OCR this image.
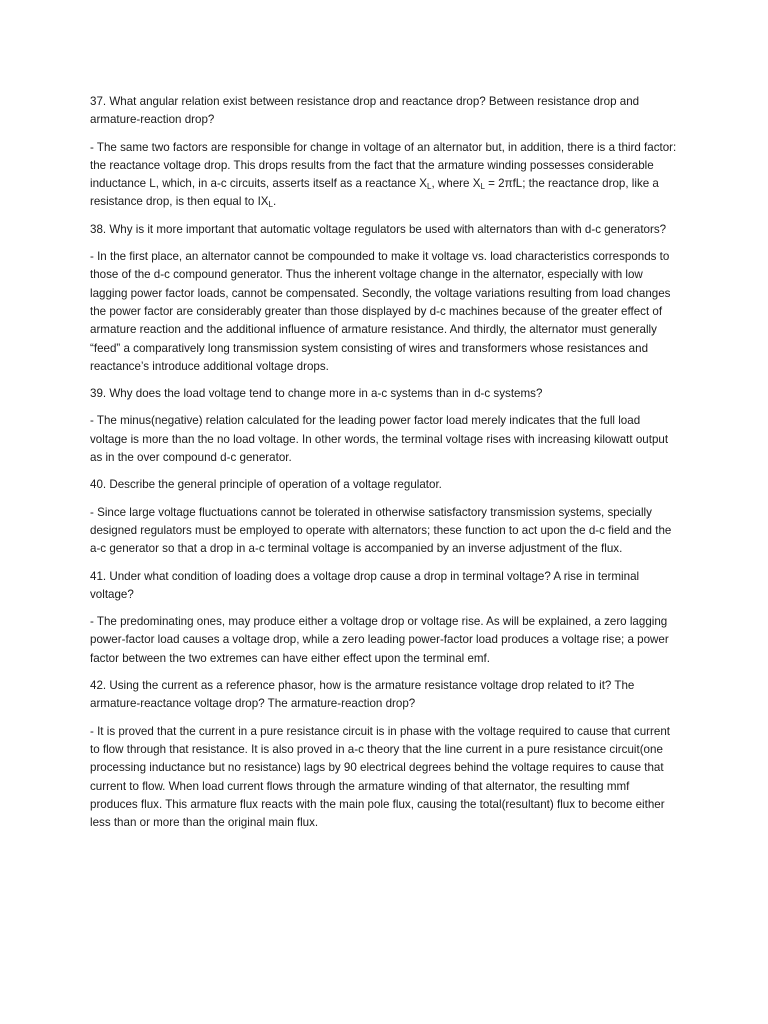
37. What angular relation exist between resistance drop and reactance drop? Between resistance drop and armature-reaction drop?

- The same two factors are responsible for change in voltage of an alternator but, in addition, there is a third factor: the reactance voltage drop. This drops results from the fact that the armature winding possesses considerable inductance L, which, in a-c circuits, asserts itself as a reactance $X_L$, where $X_L = 2\pi fL$; the reactance drop, like a resistance drop, is then equal to $IX_L$.

38. Why is it more important that automatic voltage regulators be used with alternators than with d-c generators?

- In the first place, an alternator cannot be compounded to make it voltage vs. load characteristics corresponds to those of the d-c compound generator. Thus the inherent voltage change in the alternator, especially with low lagging power factor loads, cannot be compensated. Secondly, the voltage variations resulting from load changes the power factor are considerably greater than those displayed by d-c machines because of the greater effect of armature reaction and the additional influence of armature resistance. And thirdly, the alternator must generally “feed” a comparatively long transmission system consisting of wires and transformers whose resistances and reactance’s introduce additional voltage drops.

39. Why does the load voltage tend to change more in a-c systems than in d-c systems?

- The minus(negative) relation calculated for the leading power factor load merely indicates that the full load voltage is more than the no load voltage. In other words, the terminal voltage rises with increasing kilowatt output as in the over compound d-c generator.

40. Describe the general principle of operation of a voltage regulator.

- Since large voltage fluctuations cannot be tolerated in otherwise satisfactory transmission systems, specially designed regulators must be employed to operate with alternators; these function to act upon the d-c field and the a-c generator so that a drop in a-c terminal voltage is accompanied by an inverse adjustment of the flux.

41. Under what condition of loading does a voltage drop cause a drop in terminal voltage? A rise in terminal voltage?

- The predominating ones, may produce either a voltage drop or voltage rise. As will be explained, a zero lagging power-factor load causes a voltage drop, while a zero leading power-factor load produces a voltage rise; a power factor between the two extremes can have either effect upon the terminal emf.

42. Using the current as a reference phasor, how is the armature resistance voltage drop related to it? The armature-reactance voltage drop? The armature-reaction drop?

- It is proved that the current in a pure resistance circuit is in phase with the voltage required to cause that current to flow through that resistance. It is also proved in a-c theory that the line current in a pure resistance circuit(one processing inductance but no resistance) lags by 90 electrical degrees behind the voltage requires to cause that current to flow. When load current flows through the armature winding of that alternator, the resulting mmf produces flux. This armature flux reacts with the main pole flux, causing the total(resultant) flux to become either less than or more than the original main flux.
